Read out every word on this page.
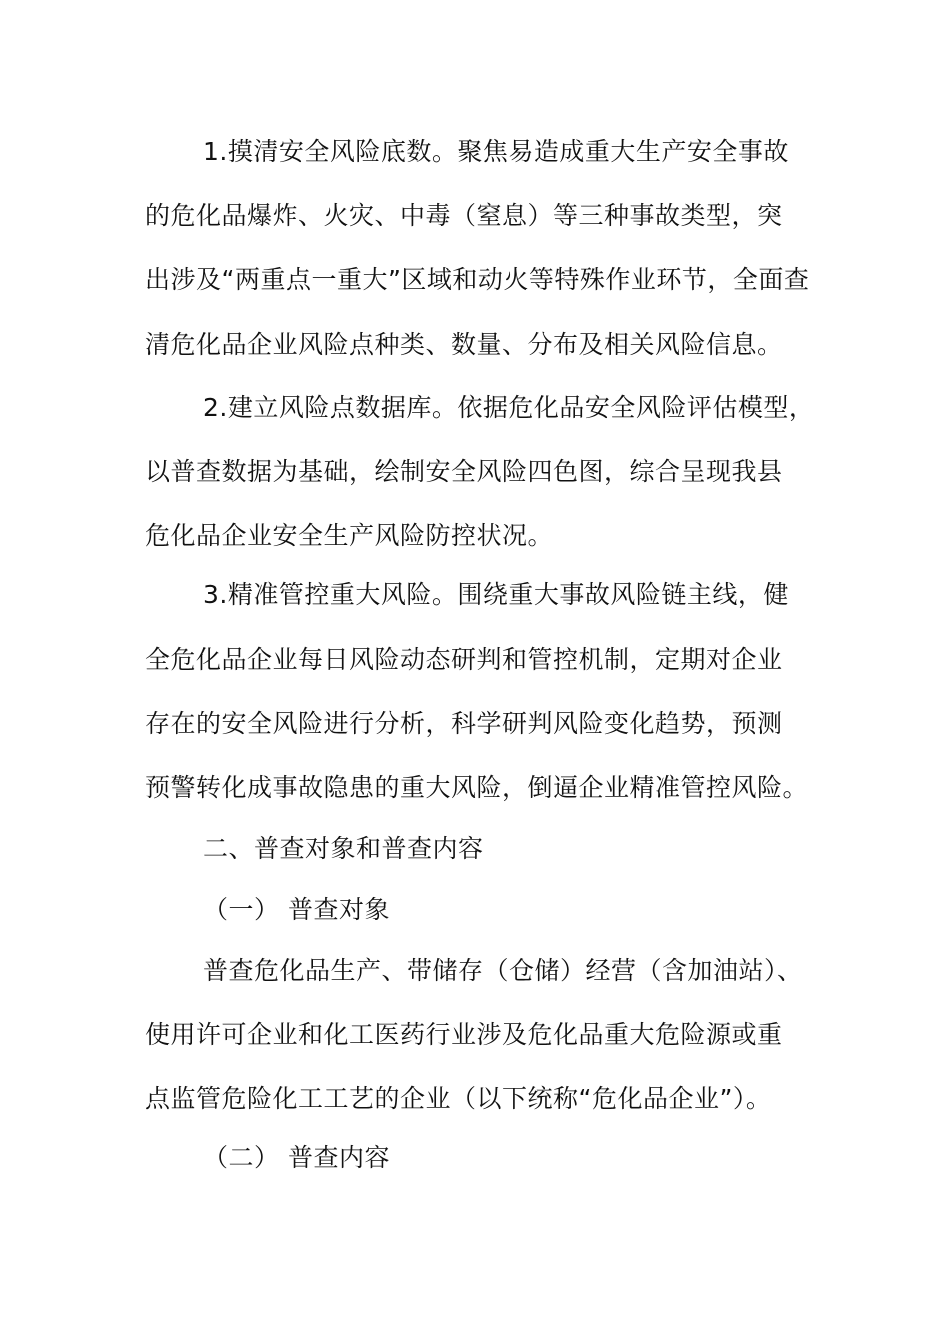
1.摸清安全风险底数。聚焦易造成重大生产安全事故
的危化品爆炸、火灾、中毒（窒息）等三种事故类型，突
出涉及“两重点一重大”区域和动火等特殊作业环节，全面查
清危化品企业风险点种类、数量、分布及相关风险信息。
2.建立风险点数据库。依据危化品安全风险评估模型，
以普查数据为基础，绘制安全风险四色图，综合呈现我县
危化品企业安全生产风险防控状况。
3.精准管控重大风险。围绕重大事故风险链主线，健
全危化品企业每日风险动态研判和管控机制，定期对企业
存在的安全风险进行分析，科学研判风险变化趋势，预测
预警转化成事故隐患的重大风险，倒逼企业精准管控风险。
二、普查对象和普查内容
（一） 普查对象
普查危化品生产、带储存（仓储）经营（含加油站）、
使用许可企业和化工医药行业涉及危化品重大危险源或重
点监管危险化工工艺的企业（以下统称“危化品企业”）。
（二） 普查内容
